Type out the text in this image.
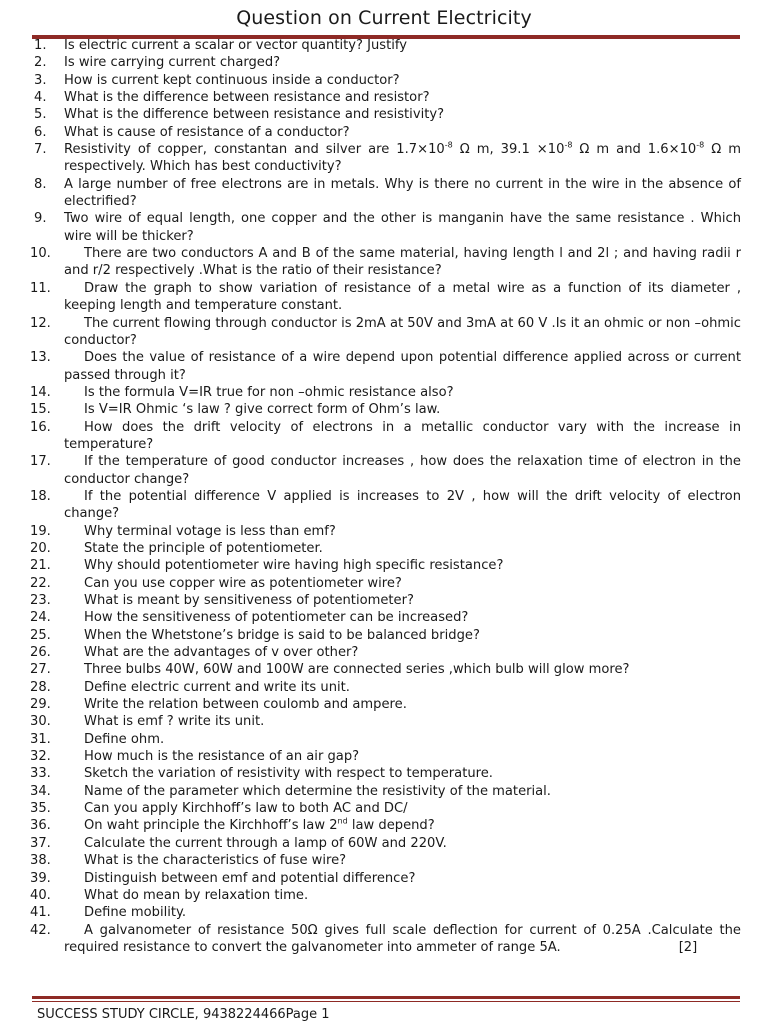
Question on Current Electricity
1.	Is electric current a scalar or vector quantity? Justify
2.	Is wire carrying current charged?
3.	How is current kept continuous inside a conductor?
4.	What is the difference between resistance and resistor?
5.	What is the difference between resistance and resistivity?
6.	What is cause of resistance of a conductor?
7.	Resistivity of copper, constantan and silver are $1.7\times 10^{-8}$ Ω m, $39.1 \times 10^{-8}$ Ω m and $1.6\times 10^{-8}$ Ω m respectively. Which has best conductivity?
8.	A large number of free electrons are in metals. Why is there no current in the wire in the absence of electrified?
9.	Two wire of equal length, one copper and the other is manganin have the same resistance . Which wire will be thicker?
10.	There are two conductors A and B of the same material, having length l and 2l ; and having radii r and r/2 respectively .What is the ratio of their resistance?
11.	Draw the graph to show variation of resistance of a metal wire as a function of its diameter , keeping length and temperature constant.
12.	The current flowing through conductor is 2mA at 50V and 3mA at 60 V .Is it an ohmic or non –ohmic conductor?
13.	Does the value of resistance of a wire depend upon potential difference applied across or current passed through it?
14.	Is the formula V=IR true for non –ohmic resistance also?
15.	Is V=IR Ohmic ‘s law ? give correct form of Ohm’s law.
16.	How does the drift velocity of electrons in a metallic conductor vary with the increase in temperature?
17.	If the temperature of good conductor increases , how does the relaxation time of electron in the conductor change?
18.	If the potential difference V applied is increases to 2V , how will the drift velocity of electron change?
19.	Why terminal votage is less than emf?
20.	State the principle of potentiometer.
21.	Why should potentiometer wire having high specific resistance?
22.	Can you use copper wire as potentiometer wire?
23.	What is meant by sensitiveness of potentiometer?
24.	How the sensitiveness of potentiometer can be increased?
25.	When the Whetstone’s bridge is said to be balanced bridge?
26.	What are the advantages of v over other?
27.	Three bulbs 40W, 60W and 100W are connected series ,which bulb will glow more?
28.	Define electric current and write its unit.
29.	Write the relation between coulomb and ampere.
30.	What is emf ? write its unit.
31.	Define ohm.
32.	How much is the resistance of an air gap?
33.	Sketch the variation of resistivity with respect to temperature.
34.	Name of the parameter which determine the resistivity of the material.
35.	Can you apply Kirchhoff’s law to both AC and DC/
36.	On waht principle the Kirchhoff’s law 2nd law depend?
37.	Calculate the current through a lamp of 60W and 220V.
38.	What is the characteristics of fuse wire?
39.	Distinguish between emf and potential difference?
40.	What do mean by relaxation time.
41.	Define mobility.
42.	A galvanometer of resistance 50Ω gives full scale deflection for current of 0.25A .Calculate the required resistance to convert the galvanometer into ammeter of range 5A.	[2]
SUCCESS STUDY CIRCLE, 9438224466Page 1
